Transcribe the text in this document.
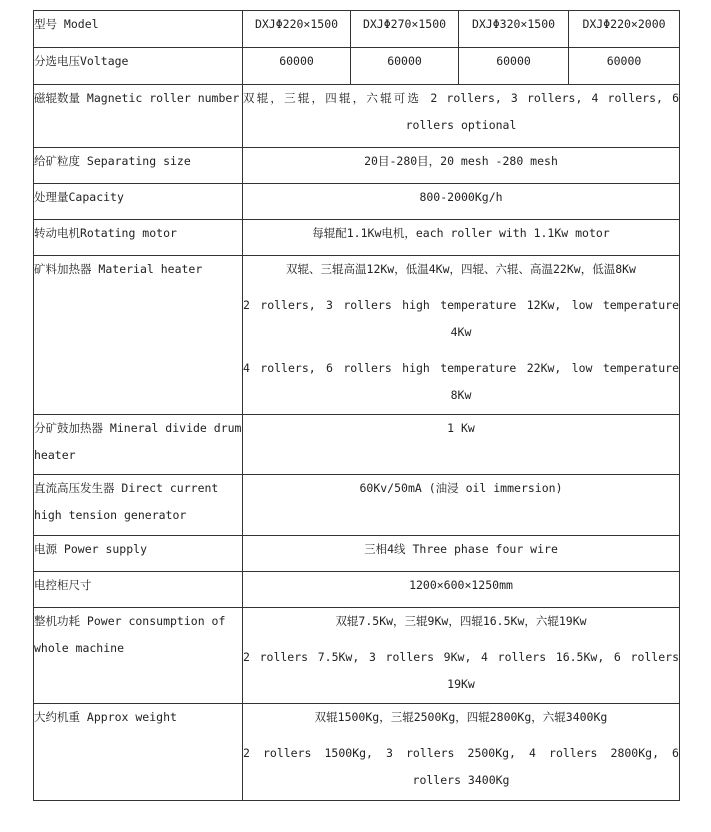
型号 Model	DXJΦ220×1500	DXJΦ270×1500	DXJΦ320×1500	DXJΦ220×2000
分选电压Voltage	60000	60000	60000	60000

磁辊数量 Magnetic roller number	双辊，三辊，四辊，六辊可选 2 rollers, 3 rollers, 4 rollers, 6 rollers optional			

给矿粒度 Separating size	20目-280目，20 mesh -280 mesh			
处理量Capacity	800-2000Kg/h			
转动电机Rotating motor	每辊配1.1Kw电机，each roller with 1.1Kw motor			
矿料加热器 Material heater	双辊、三辊高温12Kw，低温4Kw，四辊、六辊、高温22Kw，低温8Kw

2 rollers, 3 rollers high temperature 12Kw, low temperature 4Kw

4 rollers, 6 rollers high temperature 22Kw, low temperature 8Kw			

分矿鼓加热器 Mineral divide drum heater	1 Kw			

直流高压发生器 Direct current high tension generator	60Kv/50mA (油浸 oil immersion)			
电源 Power supply	三相4线 Three phase four wire			
电控柜尺寸	1200×600×1250mm			

整机功耗 Power consumption of whole machine	双辊7.5Kw，三辊9Kw，四辊16.5Kw，六辊19Kw

2 rollers 7.5Kw, 3 rollers 9Kw, 4 rollers 16.5Kw, 6 rollers 19Kw			

大约机重 Approx weight	双辊1500Kg，三辊2500Kg，四辊2800Kg，六辊3400Kg

2 rollers 1500Kg, 3 rollers 2500Kg, 4 rollers 2800Kg, 6 rollers 3400Kg			
